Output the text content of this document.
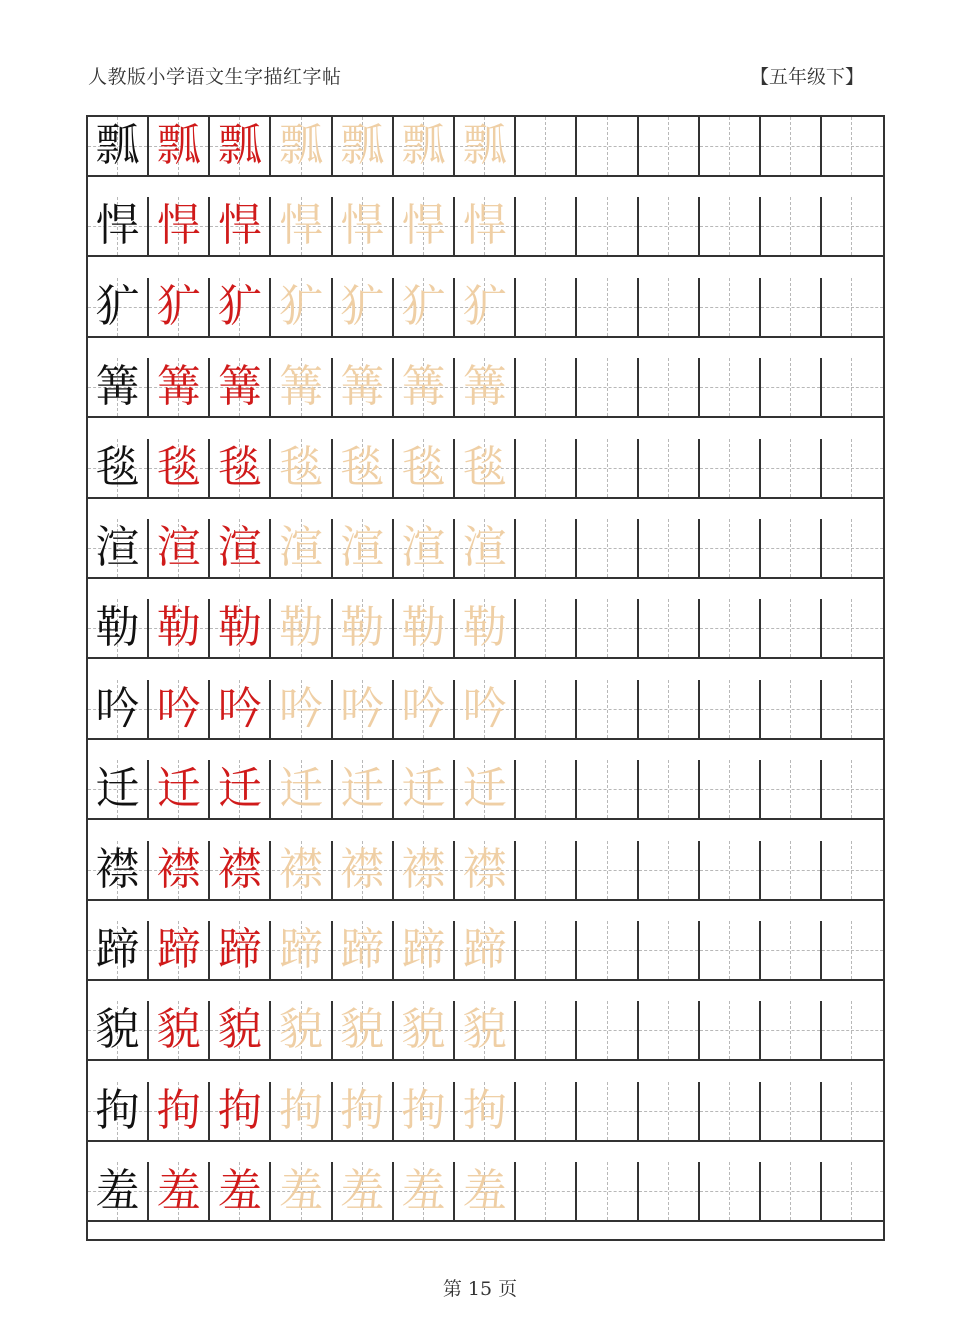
人教版小学语文生字描红字帖	【五年级下】
瓢 瓢 瓢 瓢 瓢 瓢 瓢
悍 悍 悍 悍 悍 悍 悍
犷 犷 犷 犷 犷 犷 犷
篝 篝 篝 篝 篝 篝 篝
毯 毯 毯 毯 毯 毯 毯
渲 渲 渲 渲 渲 渲 渲
勒 勒 勒 勒 勒 勒 勒
吟 吟 吟 吟 吟 吟 吟
迁 迁 迁 迁 迁 迁 迁
襟 襟 襟 襟 襟 襟 襟
蹄 蹄 蹄 蹄 蹄 蹄 蹄
貌 貌 貌 貌 貌 貌 貌
拘 拘 拘 拘 拘 拘 拘
羞 羞 羞 羞 羞 羞 羞
第 15 页
